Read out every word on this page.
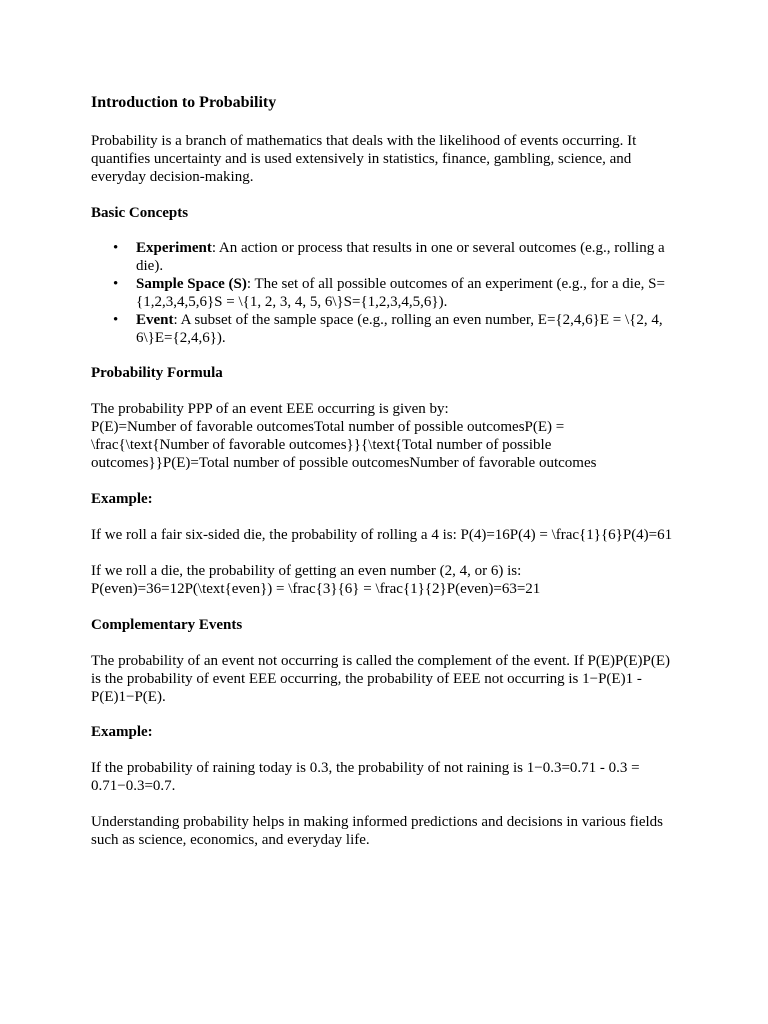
Introduction to Probability

Probability is a branch of mathematics that deals with the likelihood of events occurring. It quantifies uncertainty and is used extensively in statistics, finance, gambling, science, and everyday decision-making.

Basic Concepts
• Experiment: An action or process that results in one or several outcomes (e.g., rolling a die).
• Sample Space (S): The set of all possible outcomes of an experiment (e.g., for a die, S={1,2,3,4,5,6}S = \{1, 2, 3, 4, 5, 6\}S={1,2,3,4,5,6}).
• Event: A subset of the sample space (e.g., rolling an even number, E={2,4,6}E = \{2, 4, 6\}E={2,4,6}).
Probability Formula

The probability PPP of an event EEE occurring is given by:
P(E)=Number of favorable outcomesTotal number of possible outcomesP(E) = \frac{\text{Number of favorable outcomes}}{\text{Total number of possible outcomes}}P(E)=Total number of possible outcomesNumber of favorable outcomes

Example:

If we roll a fair six-sided die, the probability of rolling a 4 is: P(4)=16P(4) = \frac{1}{6}P(4)=61

If we roll a die, the probability of getting an even number (2, 4, or 6) is: P(even)=36=12P(\text{even}) = \frac{3}{6} = \frac{1}{2}P(even)=63=21

Complementary Events

The probability of an event not occurring is called the complement of the event. If P(E)P(E)P(E) is the probability of event EEE occurring, the probability of EEE not occurring is 1−P(E)1 - P(E)1−P(E).

Example:

If the probability of raining today is 0.3, the probability of not raining is 1−0.3=0.71 - 0.3 = 0.71−0.3=0.7.

Understanding probability helps in making informed predictions and decisions in various fields such as science, economics, and everyday life.
